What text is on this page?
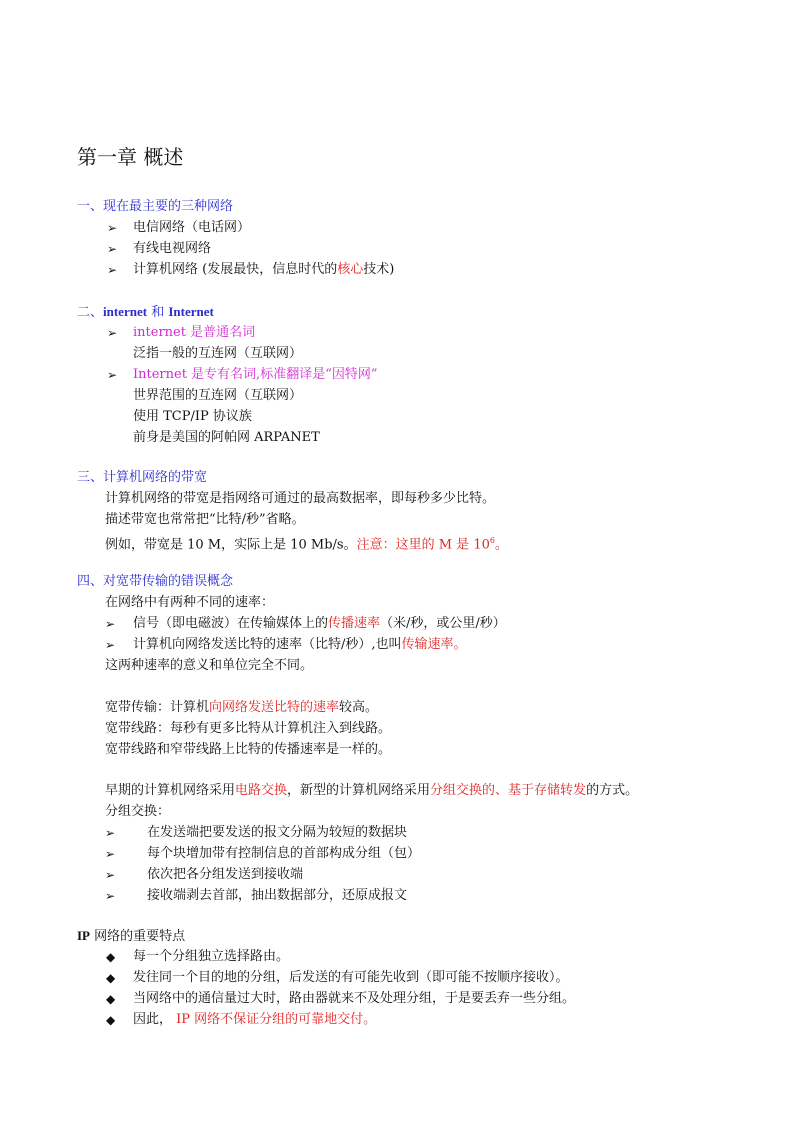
第一章 概述
一、现在最主要的三种网络
➢ 电信网络（电话网）
➢ 有线电视网络
➢ 计算机网络 (发展最快，信息时代的核心技术)
二、internet 和 Internet
➢ internet 是普通名词
泛指一般的互连网（互联网）
➢ Internet 是专有名词,标准翻译是“因特网”
世界范围的互连网（互联网）
使用 TCP/IP 协议族
前身是美国的阿帕网 ARPANET
三、计算机网络的带宽
计算机网络的带宽是指网络可通过的最高数据率，即每秒多少比特。
描述带宽也常常把“比特/秒”省略。
例如，带宽是 10 M，实际上是 10 Mb/s。注意：这里的 M 是 $10^6$。
四、对宽带传输的错误概念
在网络中有两种不同的速率：
➢ 信号（即电磁波）在传输媒体上的传播速率（米/秒，或公里/秒）
➢ 计算机向网络发送比特的速率（比特/秒）,也叫传输速率。
这两种速率的意义和单位完全不同。
宽带传输：计算机向网络发送比特的速率较高。
宽带线路：每秒有更多比特从计算机注入到线路。
宽带线路和窄带线路上比特的传播速率是一样的。
早期的计算机网络采用电路交换，新型的计算机网络采用分组交换的、基于存储转发的方式。
分组交换：
➢ 在发送端把要发送的报文分隔为较短的数据块
➢ 每个块增加带有控制信息的首部构成分组（包）
➢ 依次把各分组发送到接收端
➢ 接收端剥去首部，抽出数据部分，还原成报文
IP 网络的重要特点
◆ 每一个分组独立选择路由。
◆ 发往同一个目的地的分组，后发送的有可能先收到（即可能不按顺序接收）。
◆ 当网络中的通信量过大时，路由器就来不及处理分组，于是要丢弃一些分组。
◆ 因此， IP 网络不保证分组的可靠地交付。
